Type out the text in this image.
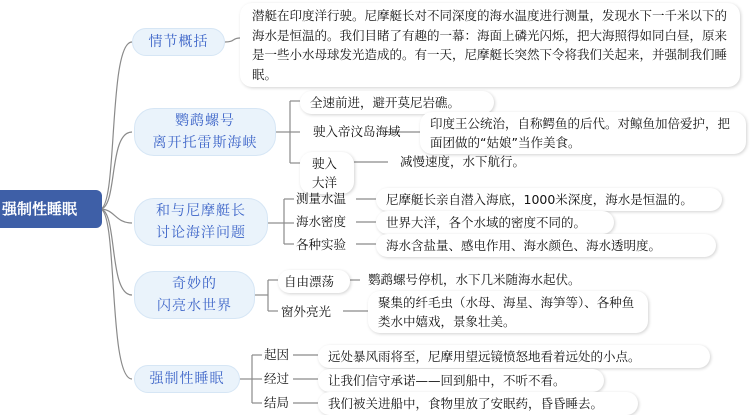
强制性睡眠
情节概括
潜艇在印度洋行驶。尼摩艇长对不同深度的海水温度进行测量，发现水下一千米以下的海水是恒温的。我们目睹了有趣的一幕：海面上磷光闪烁，把大海照得如同白昼，原来是一些小水母球发光造成的。有一天，尼摩艇长突然下令将我们关起来，并强制我们睡眠。
鹦鹉螺号
离开托雷斯海峡
全速前进，避开莫尼岩礁。
驶入帝汶岛海域
印度王公统治，自称鳄鱼的后代。对鲸鱼加倍爱护，把面团做的“姑娘”当作美食。
驶入大洋
减慢速度，水下航行。
和与尼摩艇长
讨论海洋问题
测量水温	尼摩艇长亲自潜入海底，1000米深度，海水是恒温的。
海水密度	世界大洋，各个水域的密度不同的。
各种实验	海水含盐量、感电作用、海水颜色、海水透明度。
奇妙的
闪亮水世界
自由漂荡	鹦鹉螺号停机，水下几米随海水起伏。
窗外亮光
聚集的纤毛虫（水母、海星、海笋等）、各种鱼类水中嬉戏，景象壮美。
强制性睡眠
起因	远处暴风雨将至，尼摩用望远镜愤怒地看着远处的小点。
经过	让我们信守承诺——回到船中，不听不看。
结局	我们被关进船中，食物里放了安眠药，昏昏睡去。
